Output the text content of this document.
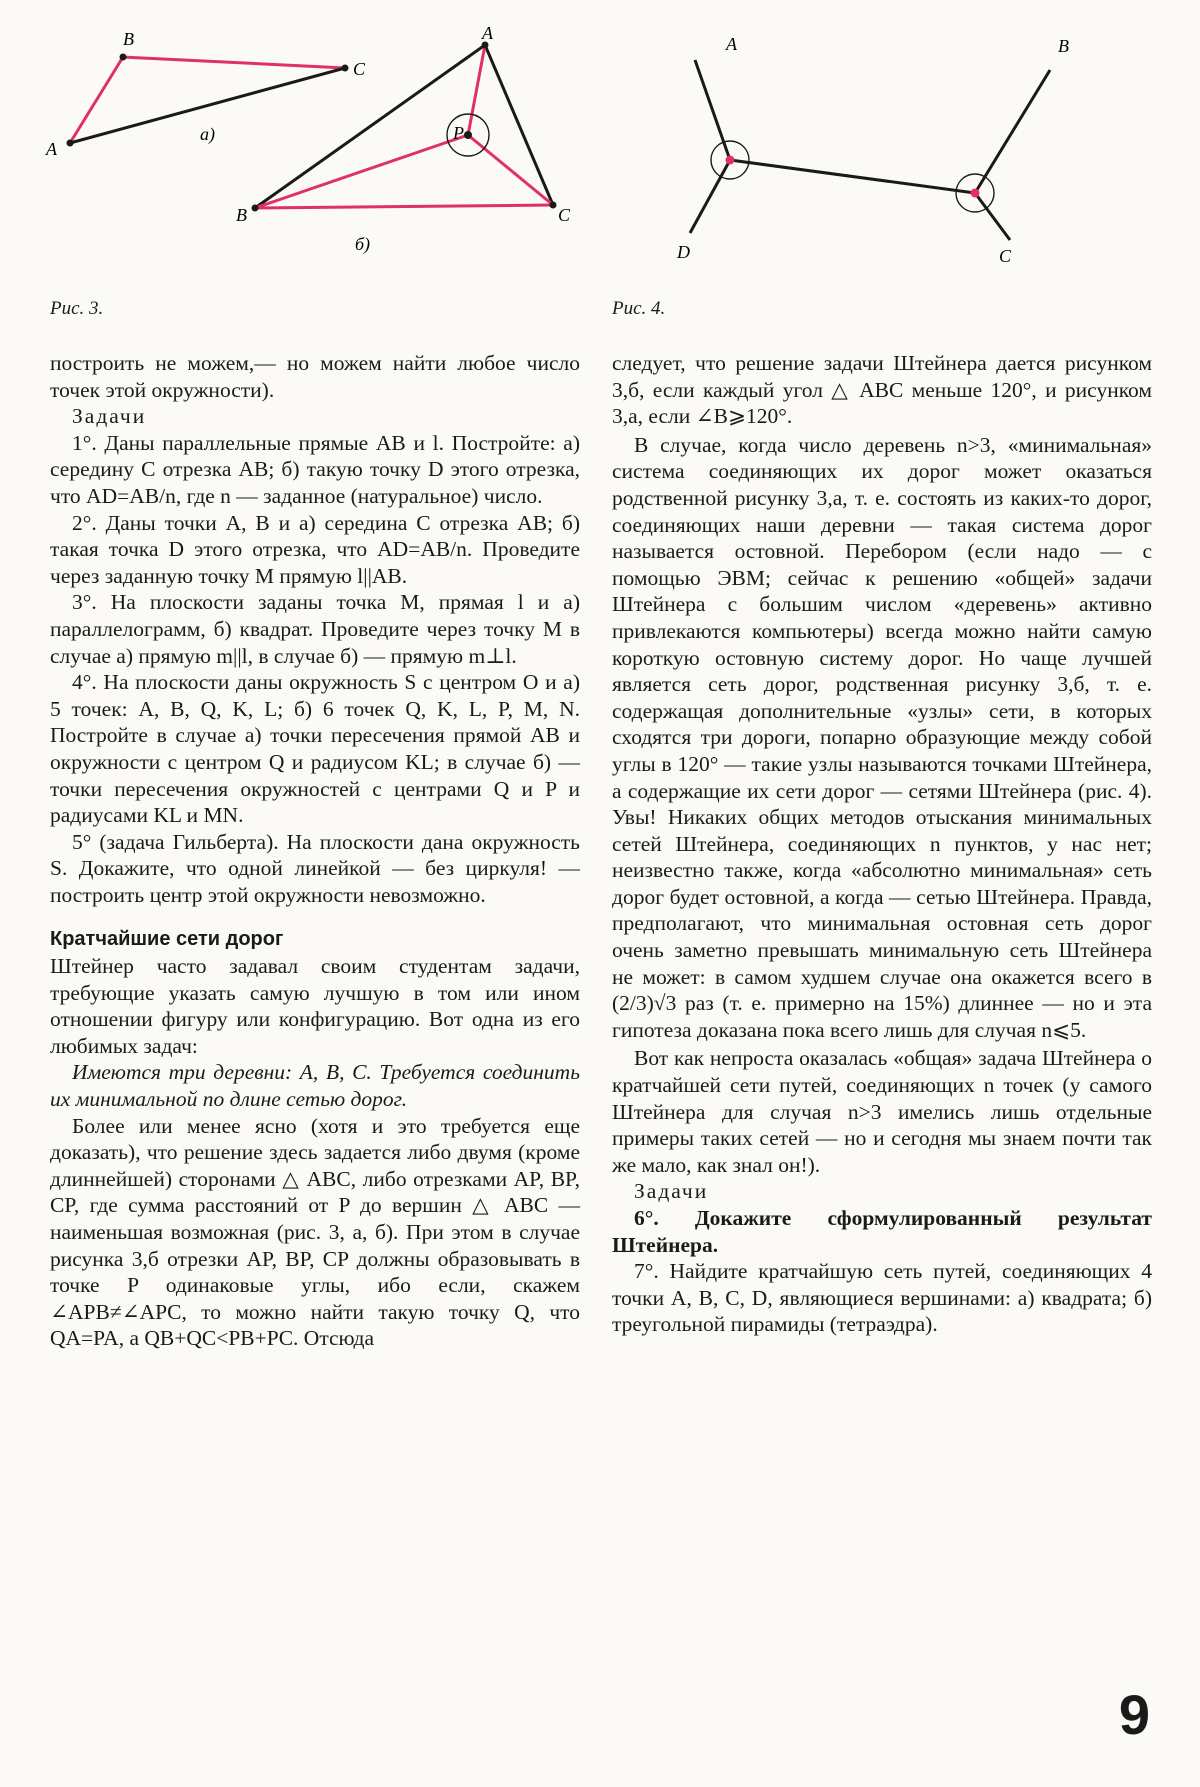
A
B
C
а)
A
B	C
P
б)
Рис. 3.
A	B
C
D
Рис. 4.

построить не можем,— но можем найти любое число точек этой окружности).

Задачи

1°. Даны параллельные прямые AB и l. Постройте: а) середину C отрезка AB; б) такую точку D этого отрезка, что AD=AB/n, где n — заданное (натуральное) число.

2°. Даны точки A, B и а) середина C отрезка AB; б) такая точка D этого отрезка, что AD=AB/n. Проведите через заданную точку M прямую l||AB.

3°. На плоскости заданы точка M, прямая l и а) параллелограмм, б) квадрат. Проведите через точку M в случае а) прямую m||l, в случае б) — прямую m⊥l.

4°. На плоскости даны окружность S с центром O и а) 5 точек: A, B, Q, K, L; б) 6 точек Q, K, L, P, M, N. Постройте в случае а) точки пересечения прямой AB и окружности с центром Q и радиусом KL; в случае б) — точки пересечения окружностей с центрами Q и P и радиусами KL и MN.

5° (задача Гильберта). На плоскости дана окружность S. Докажите, что одной линейкой — без циркуля! — построить центр этой окружности невозможно.

Кратчайшие сети дорог

Штейнер часто задавал своим студентам задачи, требующие указать самую лучшую в том или ином отношении фигуру или конфигурацию. Вот одна из его любимых задач:

Имеются три деревни: A, B, C. Требуется соединить их минимальной по длине сетью дорог.

Более или менее ясно (хотя и это требуется еще доказать), что решение здесь задается либо двумя (кроме длиннейшей) сторонами △ ABC, либо отрезками AP, BP, CP, где сумма расстояний от P до вершин △ ABC — наименьшая возможная (рис. 3, а, б). При этом в случае рисунка 3,б отрезки AP, BP, CP должны образовывать в точке P одинаковые углы, ибо если, скажем ∠APB≠∠APC, то можно найти такую точку Q, что QA=PA, а QB+QC<PB+PC. Отсюда

следует, что решение задачи Штейнера дается рисунком 3,б, если каждый угол △ ABC меньше 120°, и рисунком 3,а, если ∠B⩾120°.

В случае, когда число деревень n>3, «минимальная» система соединяющих их дорог может оказаться родственной рисунку 3,а, т. е. состоять из каких-то дорог, соединяющих наши деревни — такая система дорог называется остовной. Перебором (если надо — с помощью ЭВМ; сейчас к решению «общей» задачи Штейнера с большим числом «деревень» активно привлекаются компьютеры) всегда можно найти самую короткую остовную систему дорог. Но чаще лучшей является сеть дорог, родственная рисунку 3,б, т. е. содержащая дополнительные «узлы» сети, в которых сходятся три дороги, попарно образующие между собой углы в 120° — такие узлы называются точками Штейнера, а содержащие их сети дорог — сетями Штейнера (рис. 4). Увы! Никаких общих методов отыскания минимальных сетей Штейнера, соединяющих n пунктов, у нас нет; неизвестно также, когда «абсолютно минимальная» сеть дорог будет остовной, а когда — сетью Штейнера. Правда, предполагают, что минимальная остовная сеть дорог очень заметно превышать минимальную сеть Штейнера не может: в самом худшем случае она окажется всего в (2/3)√3 раз (т. е. примерно на 15%) длиннее — но и эта гипотеза доказана пока всего лишь для случая n⩽5.

Вот как непроста оказалась «общая» задача Штейнера о кратчайшей сети путей, соединяющих n точек (у самого Штейнера для случая n>3 имелись лишь отдельные примеры таких сетей — но и сегодня мы знаем почти так же мало, как знал он!).

Задачи

6°. Докажите сформулированный результат Штейнера.

7°. Найдите кратчайшую сеть путей, соединяющих 4 точки A, B, C, D, являющиеся вершинами: а) квадрата; б) треугольной пирамиды (тетраэдра).

9
